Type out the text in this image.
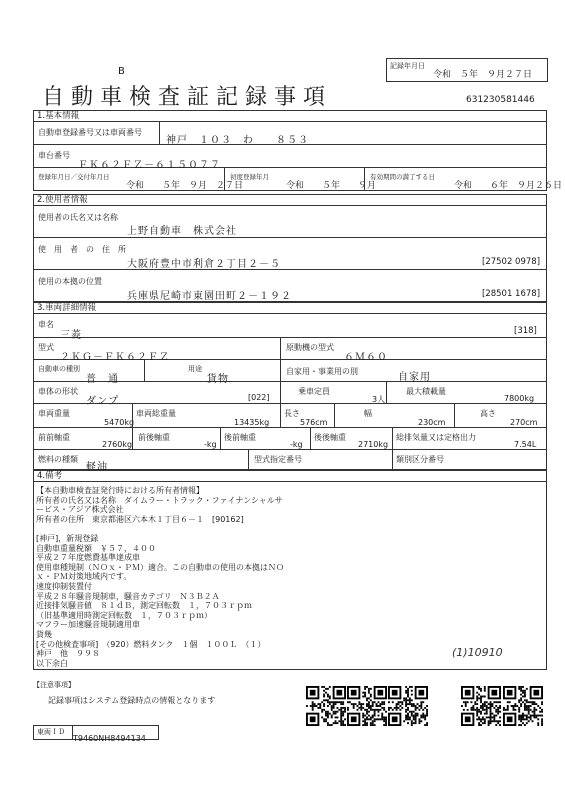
記録年月日
令和　５年　９月２７日
B
自動車検査証記録事項	631230581446
1.基本情報
自動車登録番号又は車両番号
神戸　１０３　わ　　８５３
車台番号
ＦＫ６２ＦＺ－６１５０７７
登録年月日／交付年月日
令和　　５年　９月　２７日
初度登録年月
令和　　５年　　９月
有効期間の満了する日
令和　　６年　９月２６日
2.使用者情報
使用者の氏名又は名称
上野自動車　株式会社
使　用　者　の　住　所
大阪府豊中市利倉２丁目２－５	[27502 0978]
使用の本拠の位置
兵庫県尼崎市東園田町２－１９２	[28501 1678]
3.車両詳細情報
車名
三菱	[318]
型式
２ＫＧ－ＦＫ６２ＦＺ
原動機の型式
６Ｍ６０
自動車の種別
普　通
用途
貨物
自家用・事業用の別
自家用
車体の形状
ダンプ	[022]
乗車定員
3人
最大積載量
7800kg
車両重量
5470kg
車両総重量
13435kg
長さ
576cm
幅
230cm
高さ
270cm
前前軸重
2760kg
前後軸重
-kg
後前軸重
-kg
後後軸重
2710kg
総排気量又は定格出力
7.54L
燃料の種類
軽油
型式指定番号	類別区分番号
4.備考
【本自動車検査証発行時における所有者情報】
所有者の氏名又は名称　ダイムラー・トラック・ファイナンシャルサ
ービス・アジア株式会社
所有者の住所　東京都港区六本木１丁目６－１　[90162]
[神戸]，新規登録
自動車重量税額　￥５７，４００
平成２７年度燃費基準達成車
使用車種規制（ＮＯｘ・ＰＭ）適合。この自動車の使用の本拠はＮＯ
ｘ・ＰＭ対策地域内です。
速度抑制装置付
平成２８年騒音規制車，騒音カテゴリ　Ｎ３Ｂ２Ａ
近接排気騒音値　８１ｄＢ，測定回転数　１，７０３ｒｐｍ
（旧基準適用時測定回転数　１，７０３ｒｐｍ）
マフラー加速騒音規制適用車
貨幾
[その他検査事項]　（920）燃料タンク　１個　１００Ｌ　（１）
神戸　他　９９８
以下余白
(1)10910
【注意事項】
記録事項はシステム登録時点の情報となります
東両ＩＤ
T9460NH8494134
